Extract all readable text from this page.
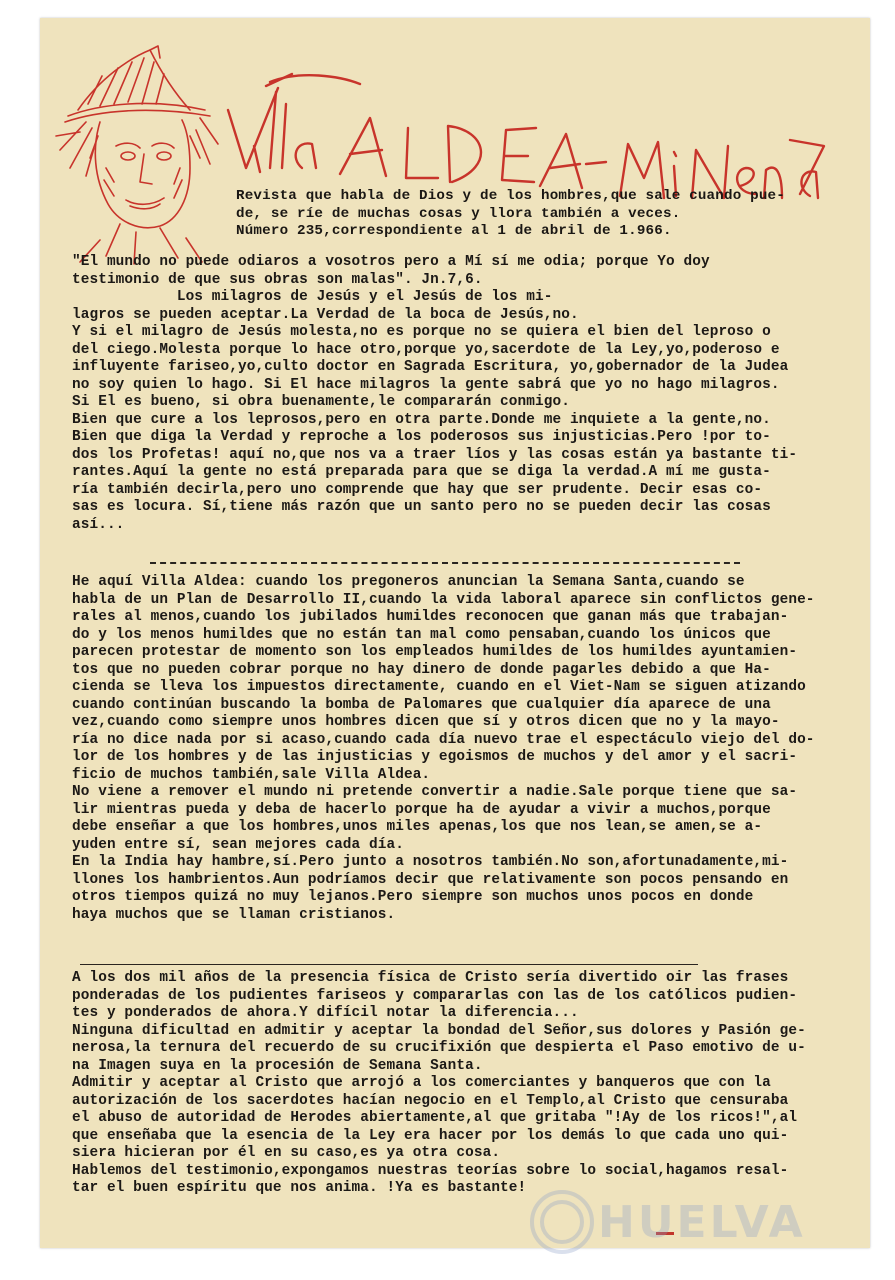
Revista que habla de Dios y de los hombres,que sale cuando pue-
de, se ríe de muchas cosas y llora también a veces.
Número 235,correspondiente al 1 de abril de 1.966.
"El mundo no puede odiaros a vosotros pero a Mí sí me odia; porque Yo doy
testimonio de que sus obras son malas". Jn.7,6.
Los milagros de Jesús y el Jesús de los mi-
lagros se pueden aceptar.La Verdad de la boca de Jesús,no.
Y si el milagro de Jesús molesta,no es porque no se quiera el bien del leproso o
del ciego.Molesta porque lo hace otro,porque yo,sacerdote de la Ley,yo,poderoso e
influyente fariseo,yo,culto doctor en Sagrada Escritura, yo,gobernador de la Judea
no soy quien lo hago. Si El hace milagros la gente sabrá que yo no hago milagros.
Si El es bueno, si obra buenamente,le compararán conmigo.
Bien que cure a los leprosos,pero en otra parte.Donde me inquiete a la gente,no.
Bien que diga la Verdad y reproche a los poderosos sus injusticias.Pero !por to-
dos los Profetas! aquí no,que nos va a traer líos y las cosas están ya bastante ti-
rantes.Aquí la gente no está preparada para que se diga la verdad.A mí me gusta-
ría también decirla,pero uno comprende que hay que ser prudente. Decir esas co-
sas es locura. Sí,tiene más razón que un santo pero no se pueden decir las cosas
así...
He aquí Villa Aldea: cuando los pregoneros anuncian la Semana Santa,cuando se
habla de un Plan de Desarrollo II,cuando la vida laboral aparece sin conflictos gene-
rales al menos,cuando los jubilados humildes reconocen que ganan más que trabajan-
do y los menos humildes que no están tan mal como pensaban,cuando los únicos que
parecen protestar de momento son los empleados humildes de los humildes ayuntamien-
tos que no pueden cobrar porque no hay dinero de donde pagarles debido a que Ha-
cienda se lleva los impuestos directamente, cuando en el Viet-Nam se siguen atizando
cuando continúan buscando la bomba de Palomares que cualquier día aparece de una
vez,cuando como siempre unos hombres dicen que sí y otros dicen que no y la mayo-
ría no dice nada por si acaso,cuando cada día nuevo trae el espectáculo viejo del do-
lor de los hombres y de las injusticias y egoismos de muchos y del amor y el sacri-
ficio de muchos también,sale Villa Aldea.
No viene a remover el mundo ni pretende convertir a nadie.Sale porque tiene que sa-
lir mientras pueda y deba de hacerlo porque ha de ayudar a vivir a muchos,porque
debe enseñar a que los hombres,unos miles apenas,los que nos lean,se amen,se a-
yuden entre sí, sean mejores cada día.
En la India hay hambre,sí.Pero junto a nosotros también.No son,afortunadamente,mi-
llones los hambrientos.Aun podríamos decir que relativamente son pocos pensando en
otros tiempos quizá no muy lejanos.Pero siempre son muchos unos pocos en donde
haya muchos que se llaman cristianos.
A los dos mil años de la presencia física de Cristo sería divertido oir las frases
ponderadas de los pudientes fariseos y compararlas con las de los católicos pudien-
tes y ponderados de ahora.Y difícil notar la diferencia...
Ninguna dificultad en admitir y aceptar la bondad del Señor,sus dolores y Pasión ge-
nerosa,la ternura del recuerdo de su crucifixión que despierta el Paso emotivo de u-
na Imagen suya en la procesión de Semana Santa.
Admitir y aceptar al Cristo que arrojó a los comerciantes y banqueros que con la
autorización de los sacerdotes hacían negocio en el Templo,al Cristo que censuraba
el abuso de autoridad de Herodes abiertamente,al que gritaba "!Ay de los ricos!",al
que enseñaba que la esencia de la Ley era hacer por los demás lo que cada uno qui-
siera hicieran por él en su caso,es ya otra cosa.
Hablemos del testimonio,expongamos nuestras teorías sobre lo social,hagamos resal-
tar el buen espíritu que nos anima. !Ya es bastante!
HUELVA
